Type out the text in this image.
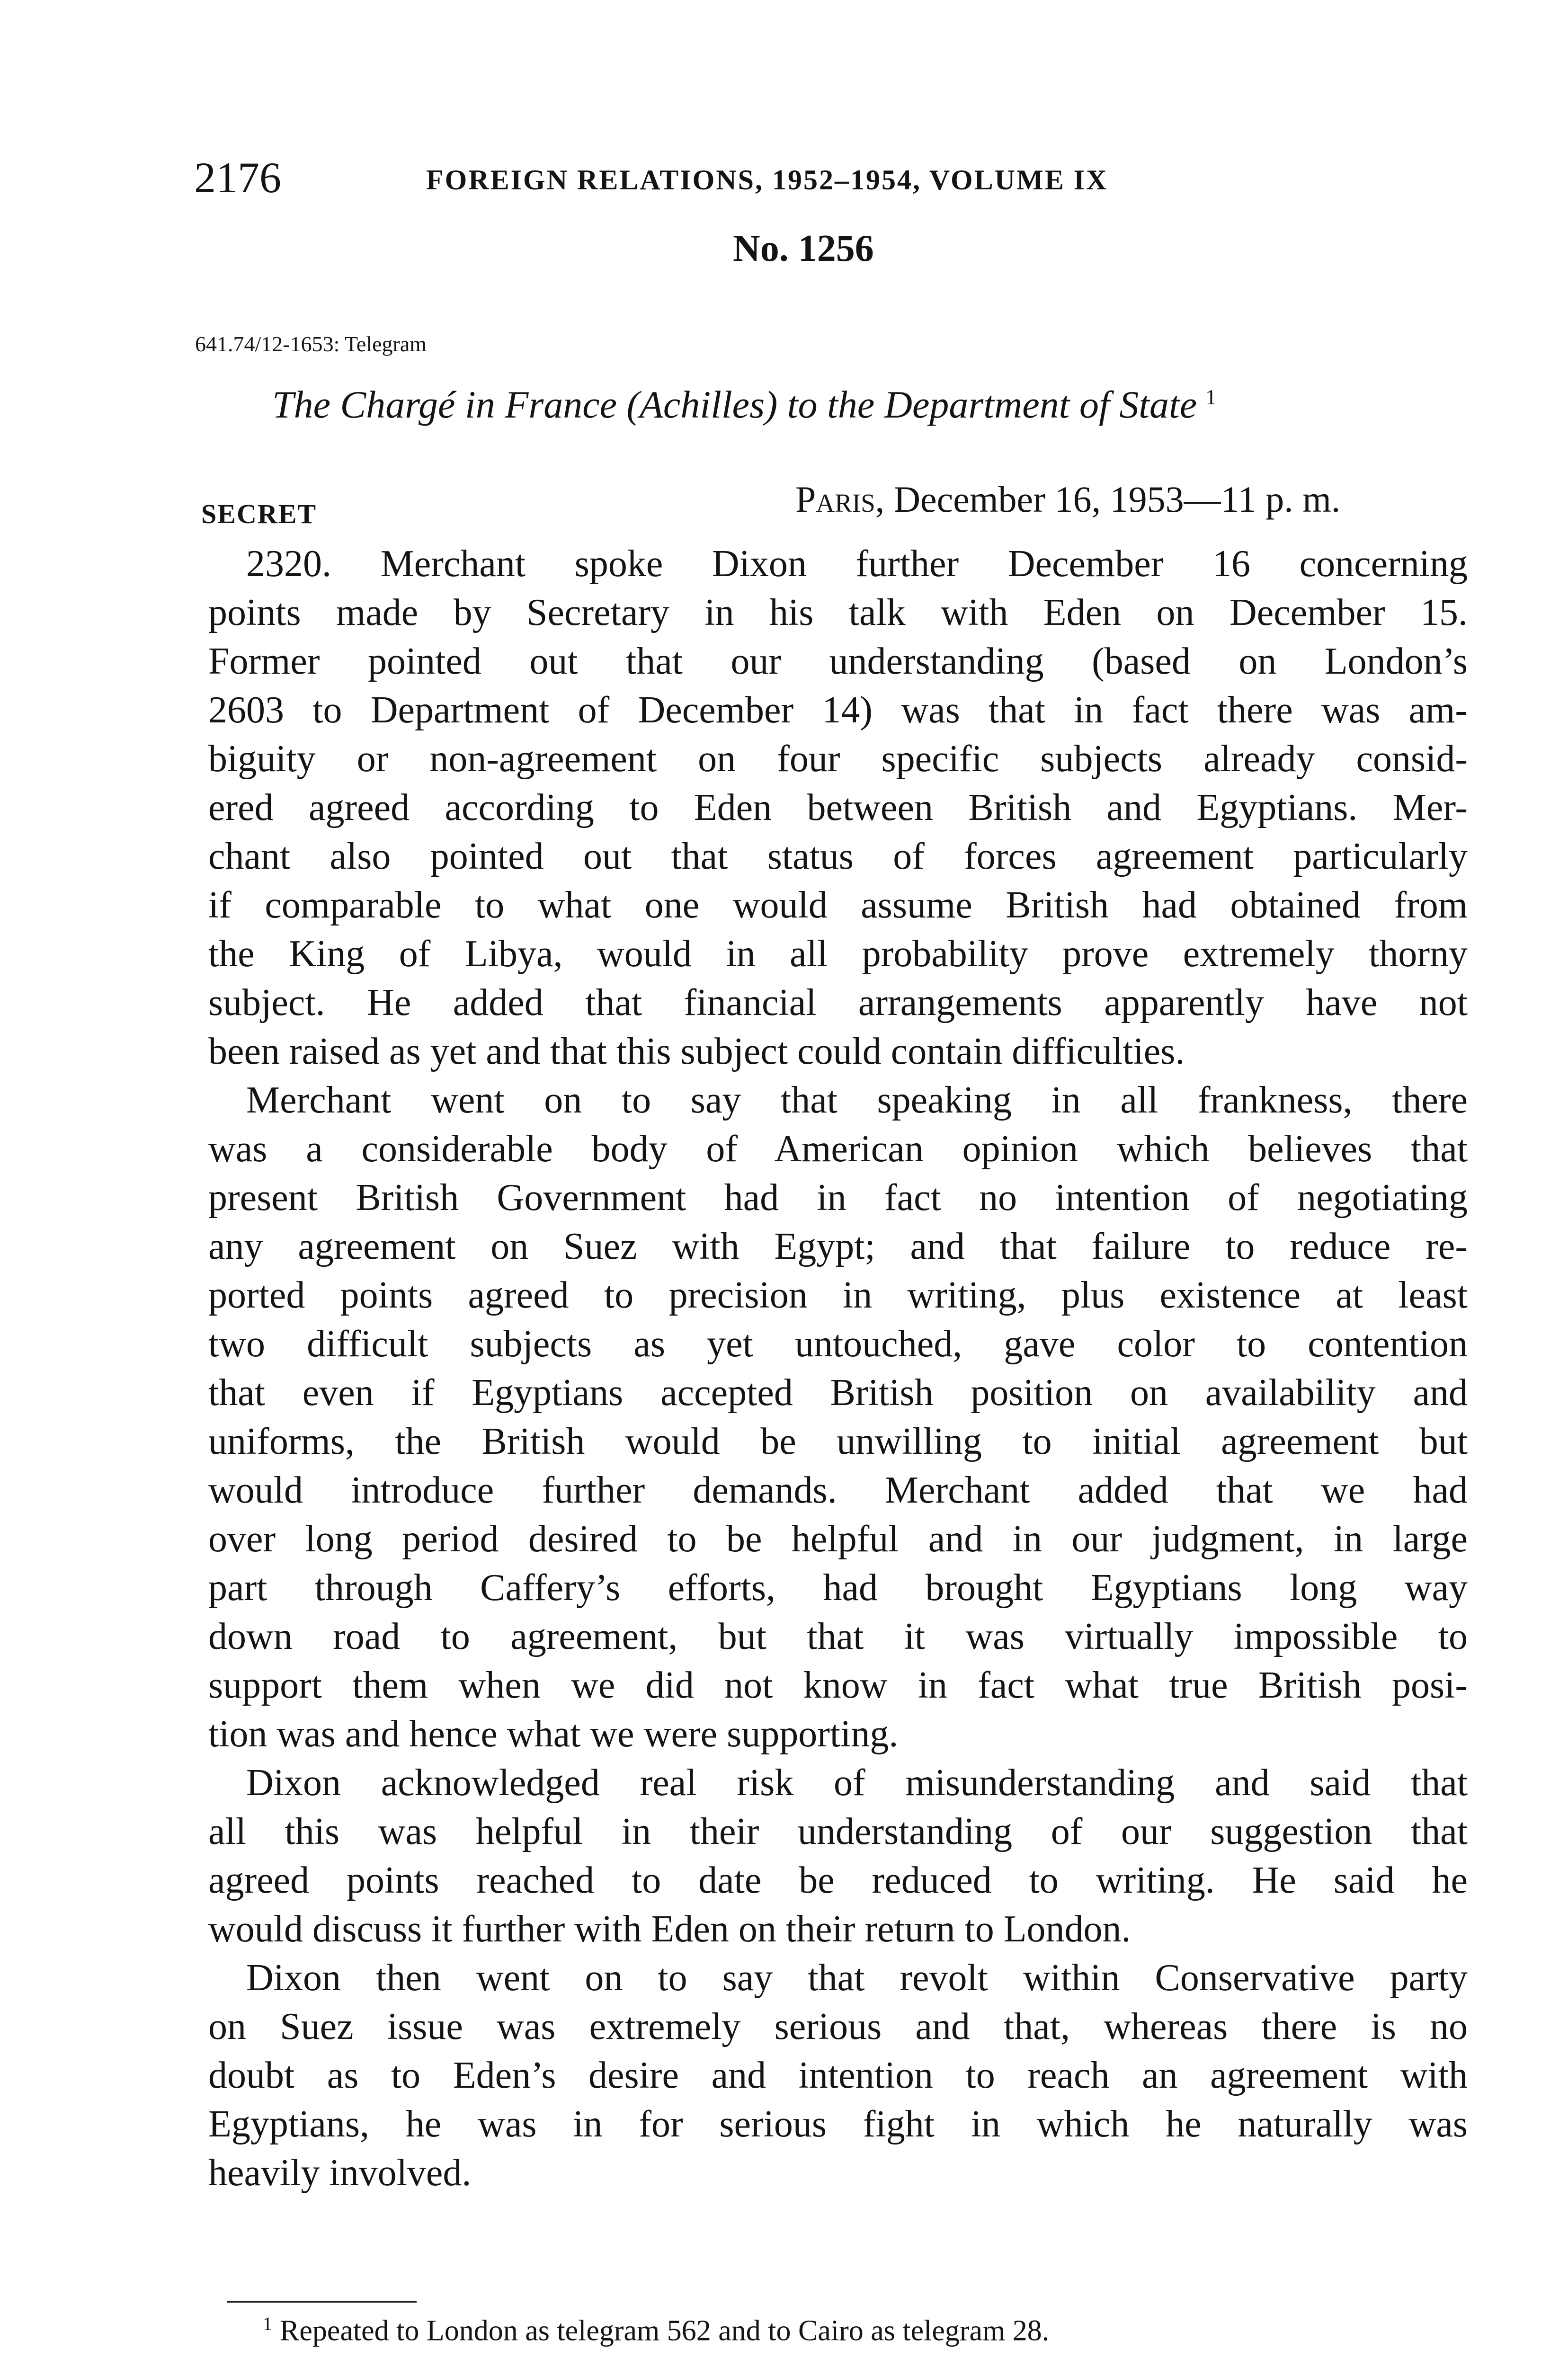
2176	FOREIGN RELATIONS, 1952–1954, VOLUME IX
No. 1256
641.74/12-1653: Telegram
The Chargé in France (Achilles) to the Department of State $^1$
SECRET	Paris, December 16, 1953—11 p. m.
2320. Merchant spoke Dixon further December 16 concerning
points made by Secretary in his talk with Eden on December 15.
Former pointed out that our understanding (based on London’s
2603 to Department of December 14) was that in fact there was am-
biguity or non-agreement on four specific subjects already consid-
ered agreed according to Eden between British and Egyptians. Mer-
chant also pointed out that status of forces agreement particularly
if comparable to what one would assume British had obtained from
the King of Libya, would in all probability prove extremely thorny
subject. He added that financial arrangements apparently have not
been raised as yet and that this subject could contain difficulties.
Merchant went on to say that speaking in all frankness, there
was a considerable body of American opinion which believes that
present British Government had in fact no intention of negotiating
any agreement on Suez with Egypt; and that failure to reduce re-
ported points agreed to precision in writing, plus existence at least
two difficult subjects as yet untouched, gave color to contention
that even if Egyptians accepted British position on availability and
uniforms, the British would be unwilling to initial agreement but
would introduce further demands. Merchant added that we had
over long period desired to be helpful and in our judgment, in large
part through Caffery’s efforts, had brought Egyptians long way
down road to agreement, but that it was virtually impossible to
support them when we did not know in fact what true British posi-
tion was and hence what we were supporting.
Dixon acknowledged real risk of misunderstanding and said that
all this was helpful in their understanding of our suggestion that
agreed points reached to date be reduced to writing. He said he
would discuss it further with Eden on their return to London.
Dixon then went on to say that revolt within Conservative party
on Suez issue was extremely serious and that, whereas there is no
doubt as to Eden’s desire and intention to reach an agreement with
Egyptians, he was in for serious fight in which he naturally was
heavily involved.
$^1$ Repeated to London as telegram 562 and to Cairo as telegram 28.
